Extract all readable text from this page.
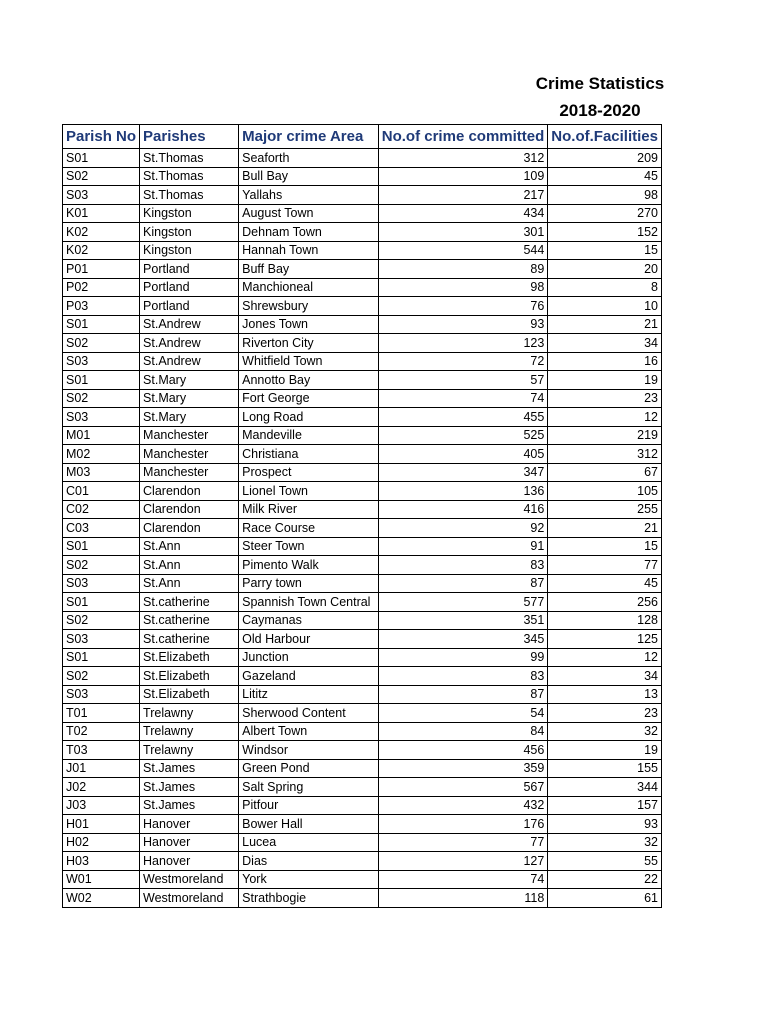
Crime Statistics
2018-2020
Parish No	Parishes	Major crime Area	No.of crime committed	No.of.Facilities
S01	St.Thomas	Seaforth	312	209
S02	St.Thomas	Bull Bay	109	45
S03	St.Thomas	Yallahs	217	98
K01	Kingston	August Town	434	270
K02	Kingston	Dehnam Town	301	152
K02	Kingston	Hannah Town	544	15
P01	Portland	Buff Bay	89	20
P02	Portland	Manchioneal	98	8
P03	Portland	Shrewsbury	76	10
S01	St.Andrew	Jones Town	93	21
S02	St.Andrew	Riverton City	123	34
S03	St.Andrew	Whitfield Town	72	16
S01	St.Mary	Annotto Bay	57	19
S02	St.Mary	Fort George	74	23
S03	St.Mary	Long Road	455	12
M01	Manchester	Mandeville	525	219
M02	Manchester	Christiana	405	312
M03	Manchester	Prospect	347	67
C01	Clarendon	Lionel Town	136	105
C02	Clarendon	Milk River	416	255
C03	Clarendon	Race Course	92	21
S01	St.Ann	Steer Town	91	15
S02	St.Ann	Pimento Walk	83	77
S03	St.Ann	Parry town	87	45
S01	St.catherine	Spannish Town Central	577	256
S02	St.catherine	Caymanas	351	128
S03	St.catherine	Old Harbour	345	125
S01	St.Elizabeth	Junction	99	12
S02	St.Elizabeth	Gazeland	83	34
S03	St.Elizabeth	Lititz	87	13
T01	Trelawny	Sherwood Content	54	23
T02	Trelawny	Albert Town	84	32
T03	Trelawny	Windsor	456	19
J01	St.James	Green Pond	359	155
J02	St.James	Salt Spring	567	344
J03	St.James	Pitfour	432	157
H01	Hanover	Bower Hall	176	93
H02	Hanover	Lucea	77	32
H03	Hanover	Dias	127	55
W01	Westmoreland	York	74	22
W02	Westmoreland	Strathbogie	118	61
